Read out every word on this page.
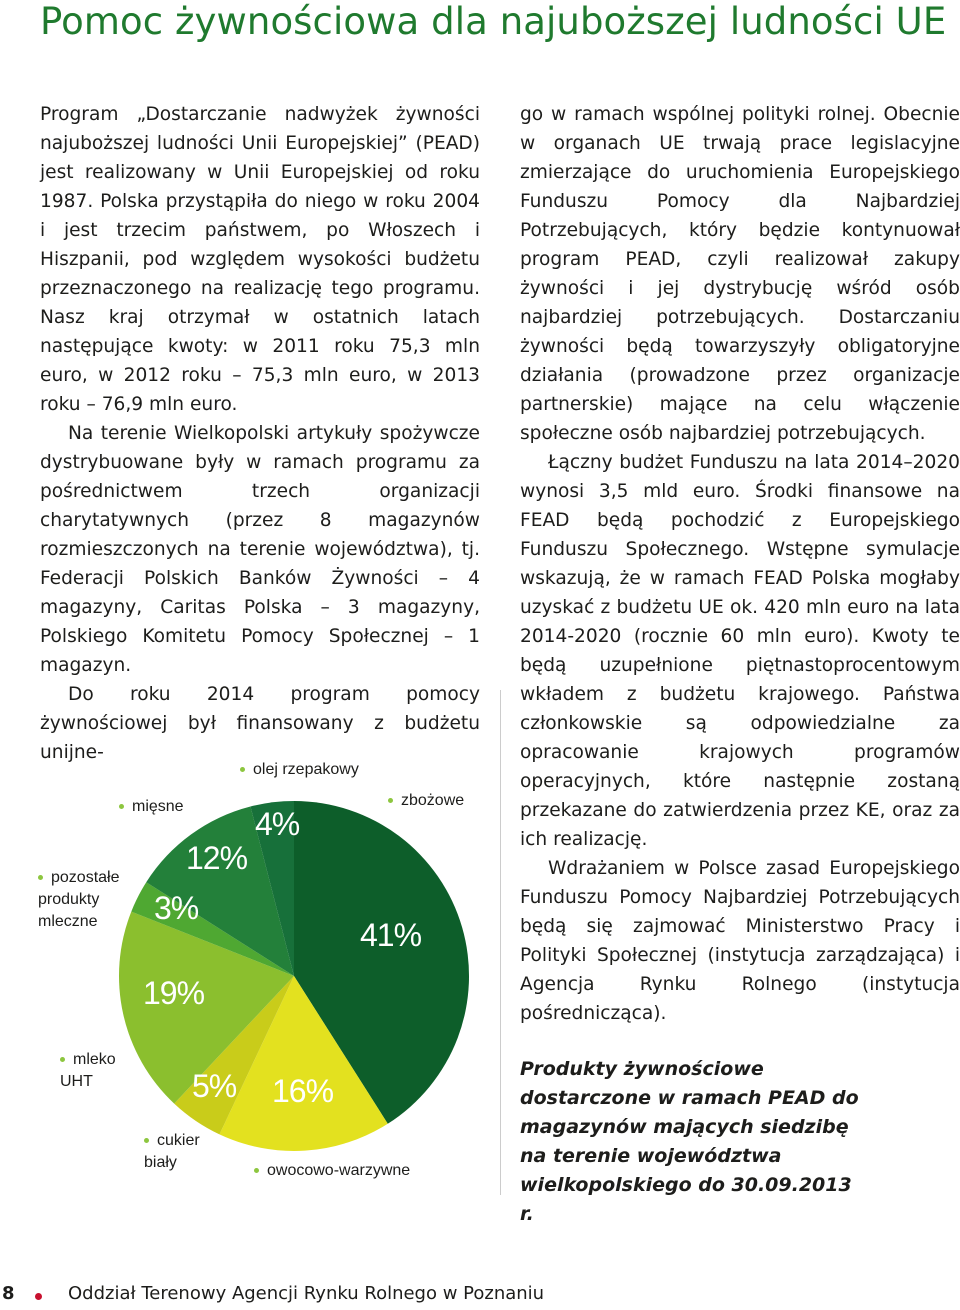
Pomoc żywnościowa dla najuboższej ludności UE

Program „Dostarczanie nadwyżek żywności najuboższej ludności Unii Europejskiej” (PEAD) jest realizowany w Unii Europejskiej od roku 1987. Polska przystąpiła do niego w roku 2004 i jest trzecim państwem, po Włoszech i Hiszpanii, pod względem wysokości budżetu przeznaczonego na realizację tego programu. Nasz kraj otrzymał w ostatnich latach następujące kwoty: w 2011 roku 75,3 mln euro, w 2012 roku – 75,3 mln euro, w 2013 roku – 76,9 mln euro.

Na terenie Wielkopolski artykuły spożywcze dystrybuowane były w ramach programu za pośrednictwem trzech organizacji charytatywnych (przez 8 magazynów rozmieszczonych na terenie województwa), tj. Federacji Polskich Banków Żywności – 4 magazyny, Caritas Polska – 3 magazyny, Polskiego Komitetu Pomocy Społecznej – 1 magazyn.

Do roku 2014 program pomocy żywnościowej był finansowany z budżetu unijne-

go w ramach wspólnej polityki rolnej. Obecnie w organach UE trwają prace legislacyjne zmierzające do uruchomienia Europejskiego Funduszu Pomocy dla Najbardziej Potrzebujących, który będzie kontynuował program PEAD, czyli realizował zakupy żywności i jej dystrybucję wśród osób najbardziej potrzebujących. Dostarczaniu żywności będą towarzyszyły obligatoryjne działania (prowadzone przez organizacje partnerskie) mające na celu włączenie społeczne osób najbardziej potrzebujących.

Łączny budżet Funduszu na lata 2014–2020 wynosi 3,5 mld euro. Środki finansowe na FEAD będą pochodzić z Europejskiego Funduszu Społecznego. Wstępne symulacje wskazują, że w ramach FEAD Polska mogłaby uzyskać z budżetu UE ok. 420 mln euro na lata 2014-2020 (rocznie 60 mln euro). Kwoty te będą uzupełnione piętnastoprocentowym wkładem z budżetu krajowego. Państwa członkowskie są odpowiedzialne za opracowanie krajowych programów operacyjnych, które następnie zostaną przekazane do zatwierdzenia przez KE, oraz za ich realizację.

Wdrażaniem w Polsce zasad Europejskiego Funduszu Pomocy Najbardziej Potrzebujących będą się zajmować Ministerstwo Pracy i Polityki Społecznej (instytucja zarządzająca) i Agencja Rynku Rolnego (instytucja pośrednicząca).

zbożowe
owocowo-warzywne
cukier biały
mleko UHT
pozostałe produkty mleczne
mięsne
olej rzepakowy
41%
16%
5%
19%
3%
12%
4%
Produkty żywnościowe dostarczone w ramach PEAD do magazynów mających siedzibę na terenie województwa wielkopolskiego do 30.09.2013 r.
8	Oddział Terenowy Agencji Rynku Rolnego w Poznaniu
